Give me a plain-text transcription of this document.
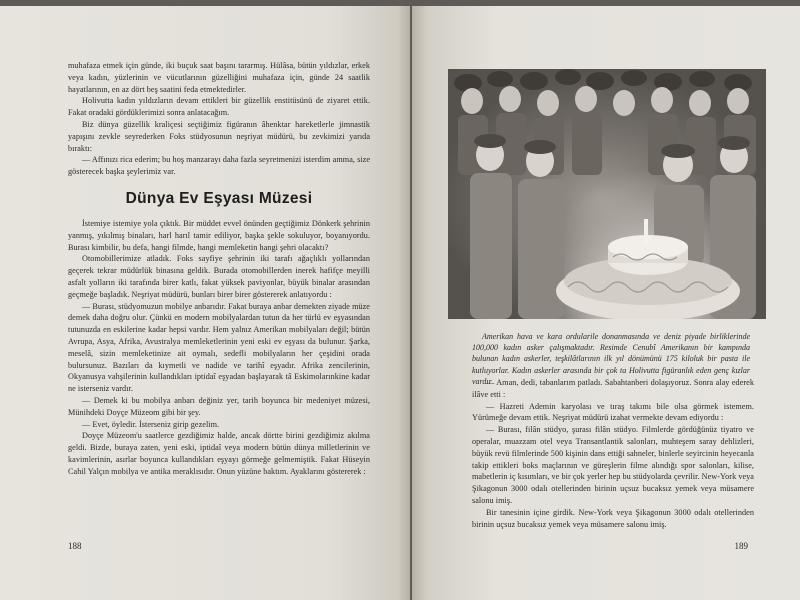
muhafaza etmek için günde, iki buçuk saat başını tararmış. Hülâsa, bütün yıldızlar, erkek veya kadın, yüzlerinin ve vücutlarının güzelliğini muhafaza için, günde 24 saatlik hayatlarının, en az dört beş saatini feda etmektedirler.

Holivutta kadın yıldızların devam ettikleri bir güzellik enstitüsünü de ziyaret ettik. Fakat oradaki gördüklerimizi sonra anlatacağım.

Biz dünya güzellik kraliçesi seçtiğimiz figüranın âhenktar hareketlerle jimnastik yapışını zevkle seyrederken Foks stüdyosunun neşriyat müdürü, bu zevkimizi yarıda bıraktı:

— Affınızı rica ederim; bu hoş manzarayı daha fazla seyretmenizi isterdim amma, size gösterecek başka şeylerimiz var.

Dünya Ev Eşyası Müzesi

İstemiye istemiye yola çıktık. Bir müddet evvel önünden geçtiğimiz Dönkerk şehrinin yanmış, yıkılmış binaları, harl harıl tamir ediliyor, başka şekle sokuluyor, boyanıyordu. Burası kimbilir, bu defa, hangi filmde, hangi memleketin hangi şehri olacaktı?

Otomobillerimize atladık. Foks sayfiye şehrinin iki tarafı ağaçlıklı yollarından geçerek tekrar müdürlük binasına geldik. Burada otomobillerden inerek hafifçe meyilli asfalt yolların iki tarafında birer katlı, fakat yüksek paviyonlar, büyük binalar arasından geçmeğe başladık. Neşriyat müdürü, bunları birer birer göstererek anlatıyordu :

— Burası, stüdyomuzun mobilye anbarıdır. Fakat buraya anbar demekten ziyade müze demek daha doğru olur. Çünkü en modern mobilyalardan tutun da her türlü ev eşyasından tutunuzda en eskilerine kadar hepsi vardır. Hem yalnız Amerikan mobilyaları değil; bütün Avrupa, Asya, Afrika, Avustralya memleketlerinin yeni eski ev eşyası da bulunur. Şarka, meselâ, sizin memleketinize ait oymalı, sedefli mobilyaların her çeşidini orada bulursunuz. Bazıları da kıymetli ve nadide ve tarihî eşyadır. Afrika zencilerinin, Okyanusya vahşilerinin kullandıkları iptidaî eşyadan başlayarak tâ Eskimolarınkine kadar ne isterseniz vardır.

— Demek ki bu mobilya anbarı değiniz yer, tarih boyunca bir medeniyet müzesi, Münihdeki Doyçe Müzeom gibi bir şey.

— Evet, öyledir. İsterseniz girip gezelim.

Doyçe Müzeom'u saatlerce gezdiğimiz halde, ancak dörtte birini gezdiğimiz akılma geldi. Bizde, buraya zaten, yeni eski, iptidaî veya modern bütün dünya milletlerinin ve kavimlerinin, asırlar boyunca kullandıkları eşyayı görmeğe gelmemiştik. Fakat Hüseyin Cahil Yalçın mobilya ve antika meraklısıdır. Onun yüzüne baktım. Ayaklarını göstererek :

188
Amerikan hava ve kara ordularile donanmasında ve deniz piyade birliklerinde 100,000 kadın asker çalışmaktadır. Resimde Cenubî Amerikanın bir kampında bulunan kadın askerler, teşkilâtlarının ilk yıl dönümünü 175 kiloluk bir pasta ile kutluyorlar. Kadın askerler arasında bir çok ta Holivutta figüranlık eden genç kızlar vardır

— Aman, dedi, tabanlarım patladı. Sabahtanberi dolaşıyoruz. Sonra alay ederek ilâve etti :

— Hazreti Ademin karyolası ve tıraş takımı bile olsa görmek istemem. Yürümeğe devam ettik. Neşriyat müdürü izahat vermekte devam ediyordu :

— Burası, filân stüdyo, şurası filân stüdyo. Filmlerde gördüğünüz tiyatro ve operalar, muazzam otel veya Transantlantik salonları, muhteşem saray dehlizleri, büyük revü filmlerinde 500 kişinin dans ettiği sahneler, binlerle seyircinin heyecanla takip ettikleri boks maçlarının ve güreşlerin filme alındığı spor salonları, kilise, mabetlerin iç kısımları, ve bir çok yerler hep bu stüdyolarda çevrilir. New-York veya Şikagonun 3000 odalı otellerinden birinin uçsuz bucaksız yemek veya müsamere salonu imiş.

Bir tanesinin içine girdik. New-York veya Şikagonun 3000 odalı otellerinden birinin uçsuz bucaksız yemek veya müsamere salonu imiş.

189
